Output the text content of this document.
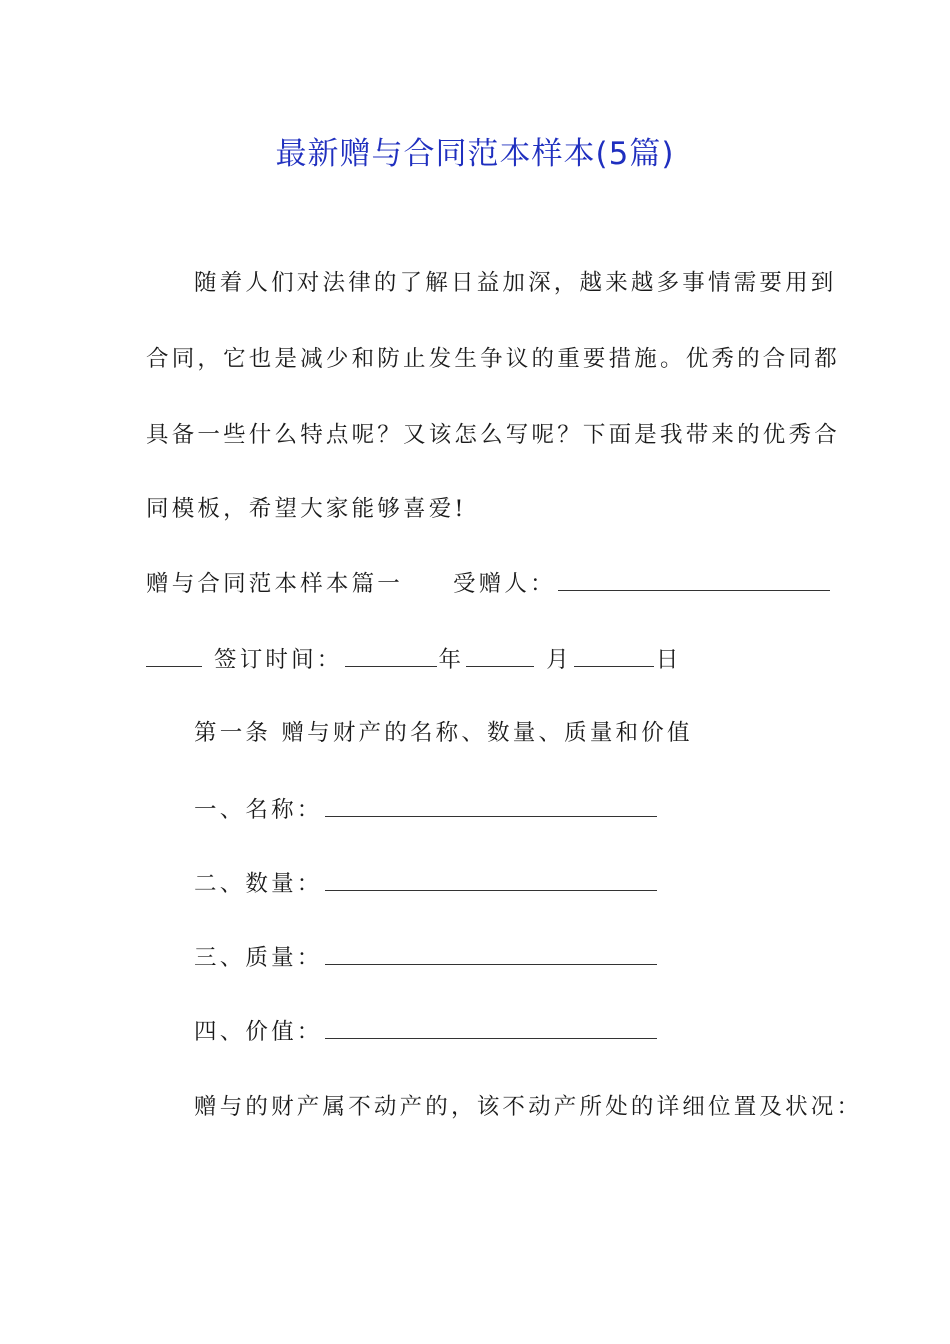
最新赠与合同范本样本(5篇)
随着人们对法律的了解日益加深，越来越多事情需要用到
合同，它也是减少和防止发生争议的重要措施。优秀的合同都
具备一些什么特点呢？又该怎么写呢？下面是我带来的优秀合
同模板，希望大家能够喜爱!
赠与合同范本样本篇一 受赠人：
签订时间：	年	月	日
第一条 赠与财产的名称、数量、质量和价值
一、名称：
二、数量：
三、质量：
四、价值：
赠与的财产属不动产的，该不动产所处的详细位置及状况：
